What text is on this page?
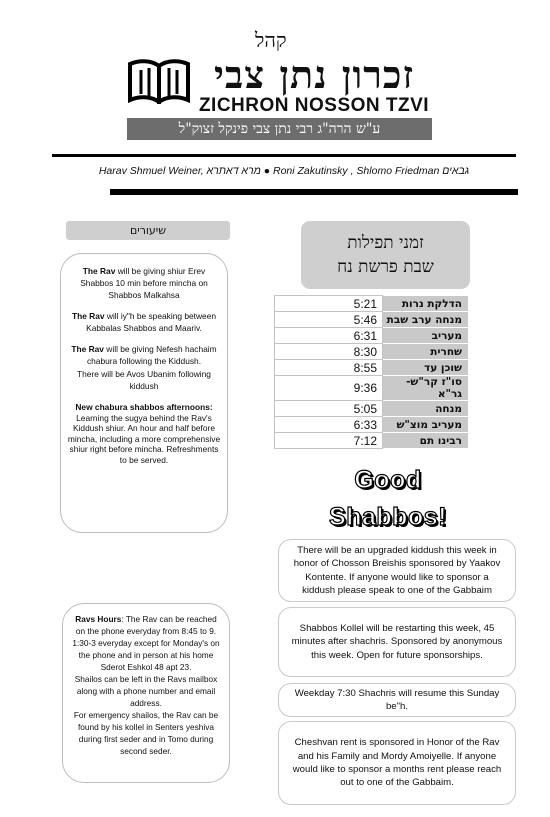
קהל
זכרון נתן צבי
ZICHRON NOSSON TZVI
ע"ש הרה"ג רבי נתן צבי פינקל זצוק"ל
Harav Shmuel Weiner, מרא דאתרא ● Roni Zakutinsky , Shlomo Friedman גבאים
שיעורים

The Rav will be giving shiur Erev Shabbos 10 min before mincha on Shabbos Malkahsa

The Rav will iy"h be speaking between Kabbalas Shabbos and Maariv.

The Rav will be giving Nefesh hachaim chabura following the Kiddush.

There will be Avos Ubanim following kiddush

New chabura shabbos afternoons:
Learning the sugya behind the Rav's Kiddush shiur. An hour and half before mincha, including a more comprehensive shiur right before mincha. Refreshments to be served.

זמני תפילות
שבת פרשת נח
5:21	הדלקת נרות
5:46	מנחה ערב שבת
6:31	מעריב
8:30	שחרית
8:55	שוכן עד
9:36	סו"ז קר"ש- גר"א
5:05	מנחה
6:33	מעריב מוצ"ש
7:12	רבינו תם
Good
Shabbos!
There will be an upgraded kiddush this week in honor of Chosson Breishis sponsored by Yaakov Kontente. If anyone would like to sponsor a kiddush please speak to one of the Gabbaim
Shabbos Kollel will be restarting this week, 45 minutes after shachris. Sponsored by anonymous this week. Open for future sponsorships.
Weekday 7:30 Shachris will resume this Sunday be"h.
Cheshvan rent is sponsored in Honor of the Rav and his Family and Mordy Amoiyelle. If anyone would like to sponsor a months rent please reach out to one of the Gabbaim.
Ravs Hours: The Rav can be reached on the phone everyday from 8:45 to 9.
1:30-3 everyday except for Monday's on the phone and in person at his home Sderot Eshkol 48 apt 23.
Shailos can be left in the Ravs mailbox along with a phone number and email address.
For emergency shailos, the Rav can be found by his kollel in Senters yeshiva during first seder and in Tomo during second seder.
